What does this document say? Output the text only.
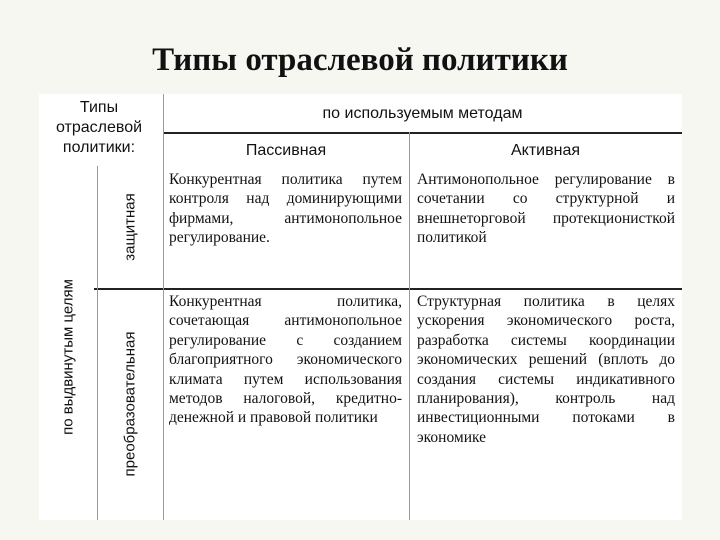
Типы отраслевой политики
Типы отраслевой политики:
по используемым методам
Пассивная	Активная
по выдвинутым целям
защитная
преобразовательная
Конкурентная политика путем контроля над доминирующими фирмами, антимонопольное регулирование.
Антимонопольное регулирование в сочетании со структурной и внешнеторговой протекционисткой политикой
Конкурентная политика, сочетающая антимонопольное регулирование с созданием благоприятного экономического климата путем использования методов налоговой, кредитно-денежной и правовой политики
Структурная политика в целях ускорения экономического роста, разработка системы координации экономических решений (вплоть до создания системы индикативного планирования), контроль над инвестиционными потоками в экономике
